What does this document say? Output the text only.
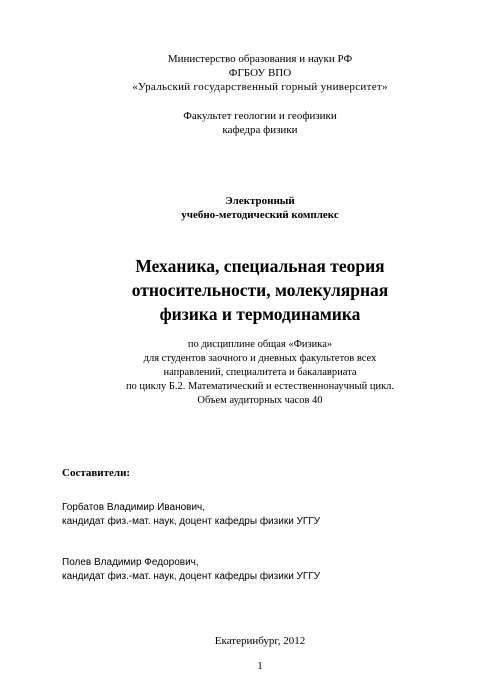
Министерство образования и науки РФ
ФГБОУ ВПО
«Уральский государственный горный университет»
Факультет геологии и геофизики
кафедра физики
Электронный
учебно-методический комплекс
Механика, специальная теория
относительности, молекулярная
физика и термодинамика
по дисциплине общая «Физика»
для студентов заочного и дневных факультетов всех
направлений, специалитета и бакалавриата
по циклу Б.2. Математический и естественнонаучный цикл.
Объем аудиторных часов 40
Составители:
Горбатов Владимир Иванович,
кандидат физ.-мат. наук, доцент кафедры физики УГГУ
Полев Владимир Федорович,
кандидат физ.-мат. наук, доцент кафедры физики УГГУ
Екатеринбург, 2012
1
